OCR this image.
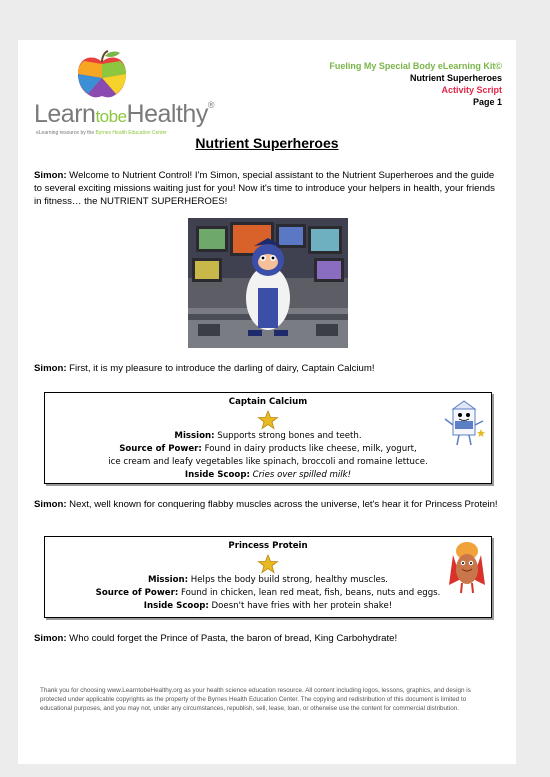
LearntobeHealthy®
eLearning resource by the Byrnes Health Education Center
Fueling My Special Body eLearning Kit©
Nutrient Superheroes
Activity Script
Page 1
Nutrient Superheroes
Simon: Welcome to Nutrient Control! I'm Simon, special assistant to the Nutrient Superheroes and the guide to several exciting missions waiting just for you! Now it's time to introduce your helpers in health, your friends in fitness… the NUTRIENT SUPERHEROES!
Simon: First, it is my pleasure to introduce the darling of dairy, Captain Calcium!
Captain Calcium
Mission: Supports strong bones and teeth.
Source of Power: Found in dairy products like cheese, milk, yogurt,
ice cream and leafy vegetables like spinach, broccoli and romaine lettuce.
Inside Scoop: Cries over spilled milk!
Simon: Next, well known for conquering flabby muscles across the universe, let's hear it for Princess Protein!
Princess Protein
Mission: Helps the body build strong, healthy muscles.
Source of Power: Found in chicken, lean red meat, fish, beans, nuts and eggs.
Inside Scoop: Doesn't have fries with her protein shake!
Simon: Who could forget the Prince of Pasta, the baron of bread, King Carbohydrate!
Thank you for choosing www.LearntobeHealthy.org as your health science education resource. All content including logos, lessons, graphics, and design is protected under applicable copyrights as the property of the Byrnes Health Education Center. The copying and redistribution of this document is limited to educational purposes, and you may not, under any circumstances, republish, sell, lease, loan, or otherwise use the content for commercial distribution.
